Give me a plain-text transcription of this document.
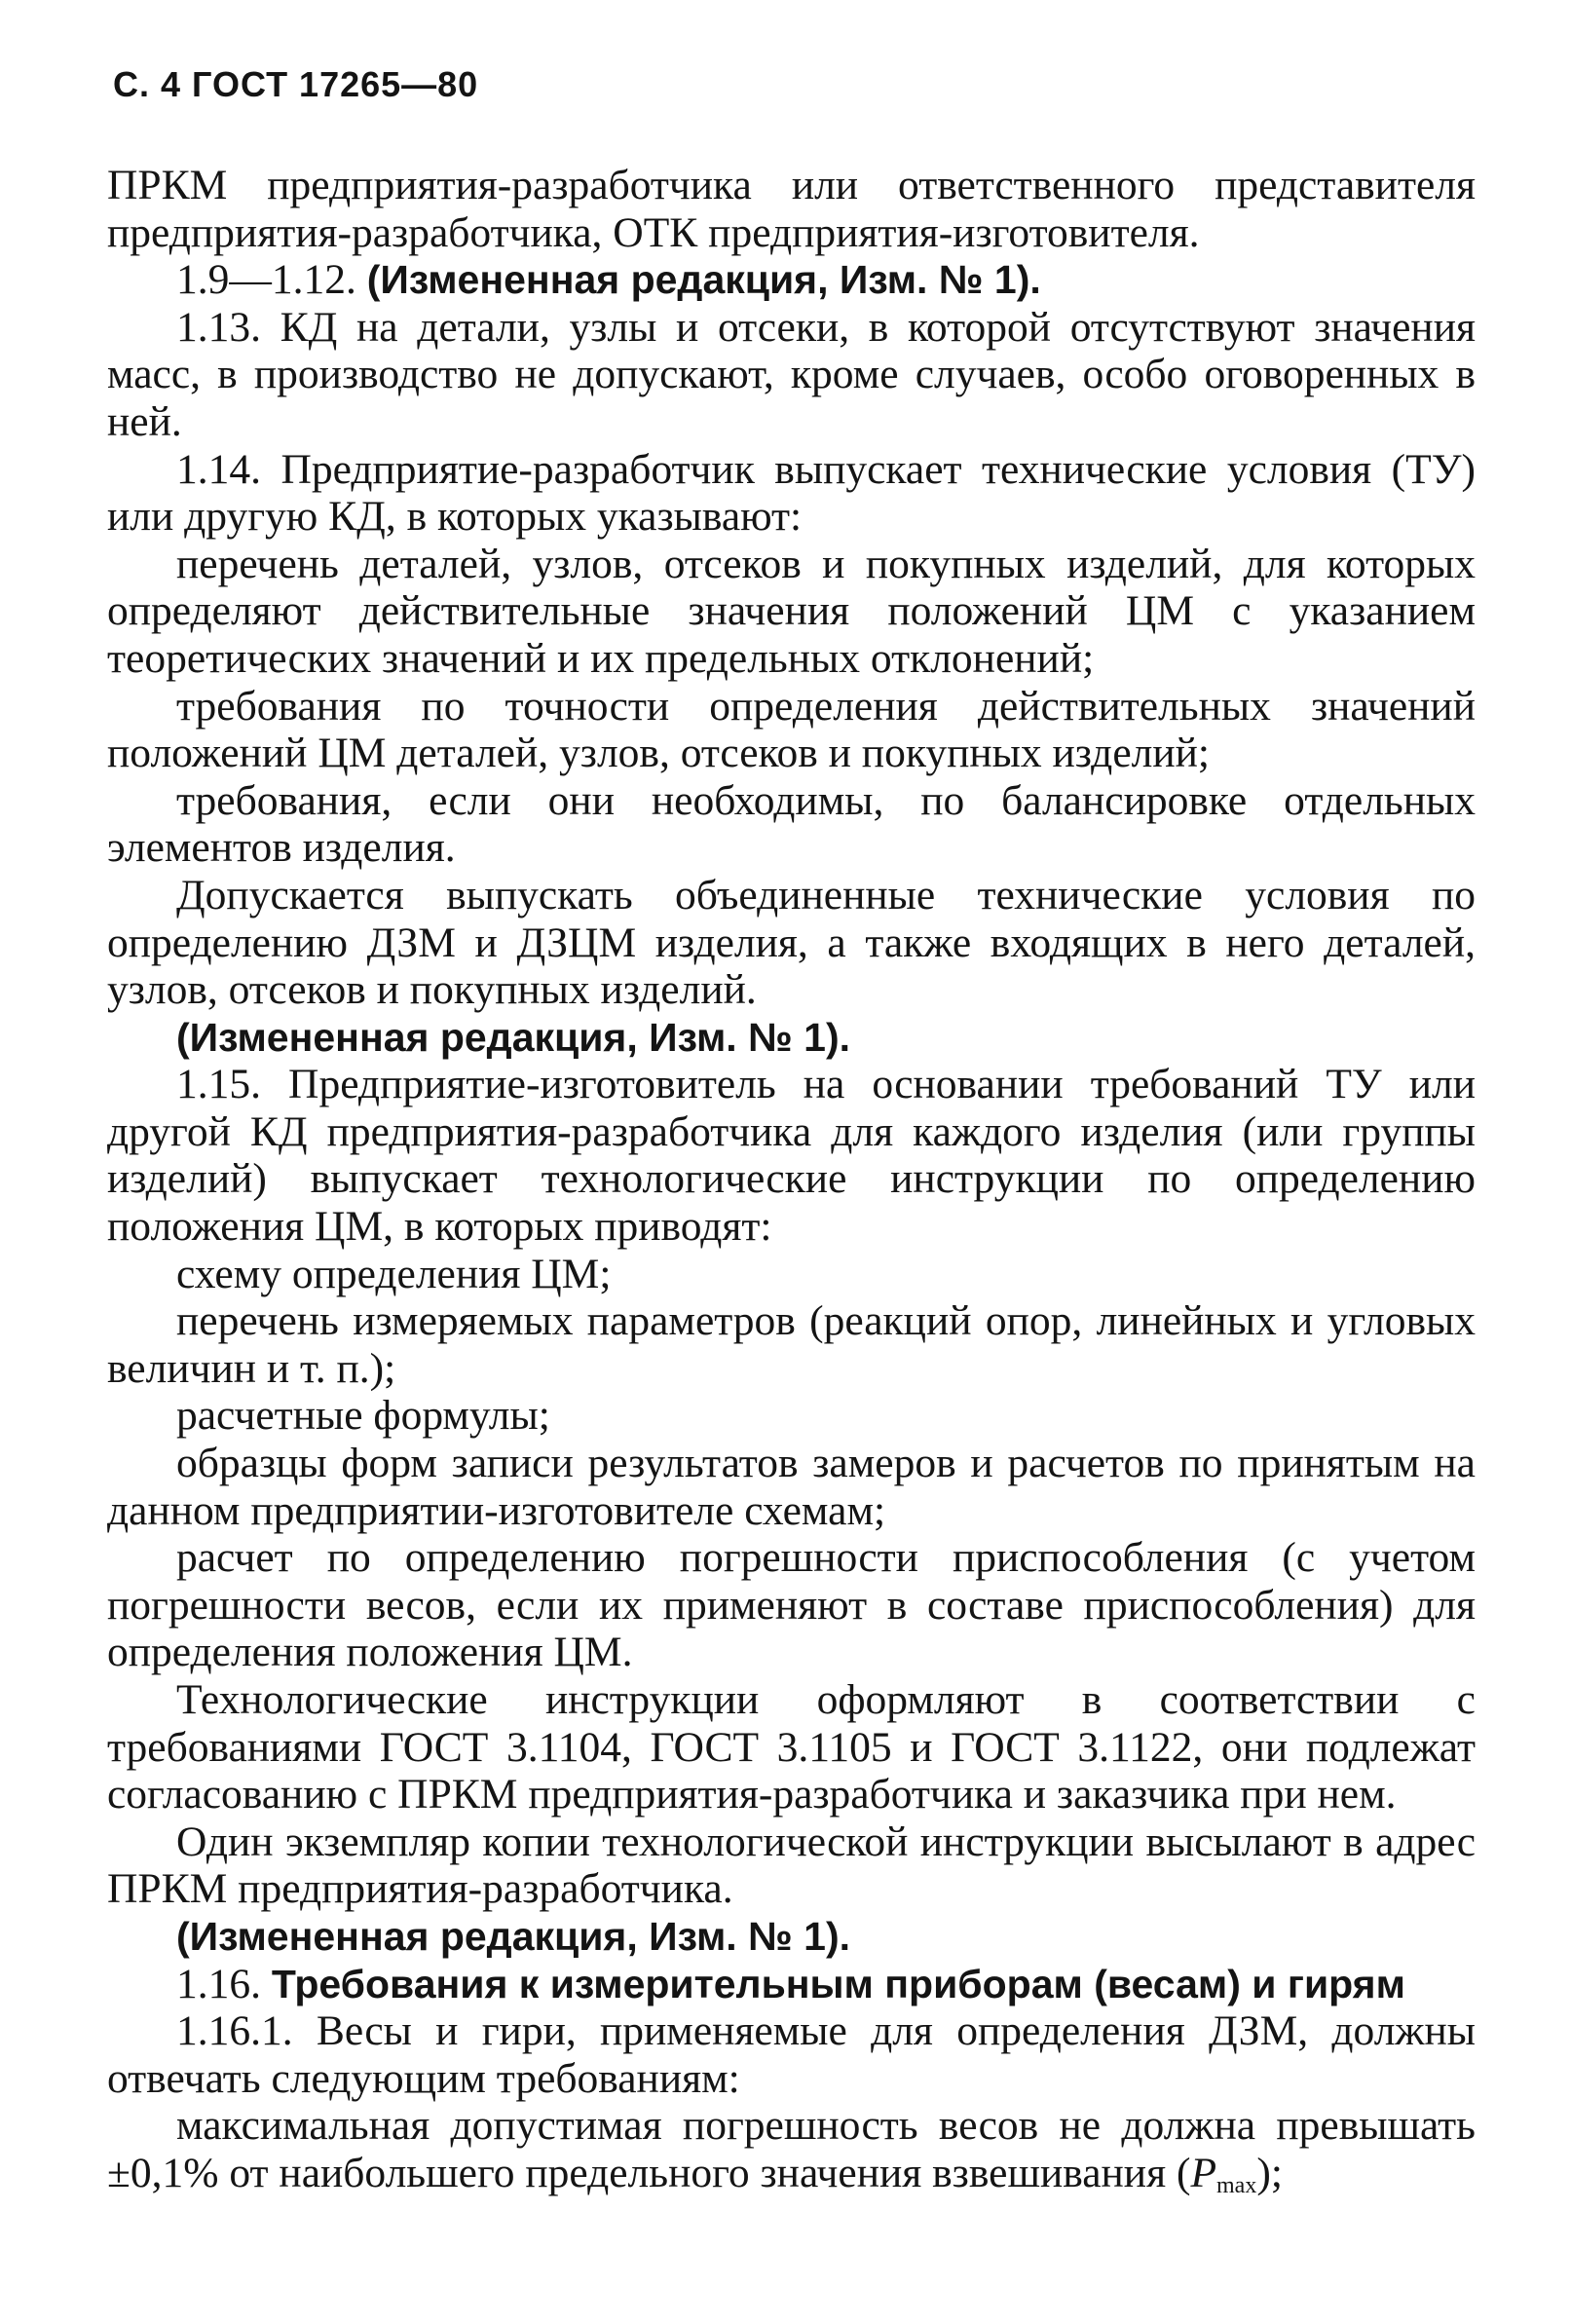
С. 4 ГОСТ 17265—80

ПРКМ предприятия-разработчика или ответственного представителя предприятия-разработчика, ОТК предприятия-изготовителя.

1.9—1.12. (Измененная редакция, Изм. № 1).

1.13. КД на детали, узлы и отсеки, в которой отсутствуют значения масс, в производство не допускают, кроме случаев, особо оговоренных в ней.

1.14. Предприятие-разработчик выпускает технические условия (ТУ) или другую КД, в которых указывают:

перечень деталей, узлов, отсеков и покупных изделий, для которых определяют действительные значения положений ЦМ с указанием теоретических значений и их предельных отклонений;

требования по точности определения действительных значений положений ЦМ деталей, узлов, отсеков и покупных изделий;

требования, если они необходимы, по балансировке отдельных элементов изделия.

Допускается выпускать объединенные технические условия по определению ДЗМ и ДЗЦМ изделия, а также входящих в него деталей, узлов, отсеков и покупных изделий.

(Измененная редакция, Изм. № 1).

1.15. Предприятие-изготовитель на основании требований ТУ или другой КД предприятия-разработчика для каждого изделия (или группы изделий) выпускает технологические инструкции по определению положения ЦМ, в которых приводят:

схему определения ЦМ;

перечень измеряемых параметров (реакций опор, линейных и угловых величин и т. п.);

расчетные формулы;

образцы форм записи результатов замеров и расчетов по принятым на данном предприятии-изготовителе схемам;

расчет по определению погрешности приспособления (с учетом погрешности весов, если их применяют в составе приспособления) для определения положения ЦМ.

Технологические инструкции оформляют в соответствии с требованиями ГОСТ 3.1104, ГОСТ 3.1105 и ГОСТ 3.1122, они подлежат согласованию с ПРКМ предприятия-разработчика и заказчика при нем.

Один экземпляр копии технологической инструкции высылают в адрес ПРКМ предприятия-разработчика.

(Измененная редакция, Изм. № 1).

1.16. Требования к измерительным приборам (весам) и гирям

1.16.1. Весы и гири, применяемые для определения ДЗМ, должны отвечать следующим требованиям:

максимальная допустимая погрешность весов не должна превышать ±0,1% от наибольшего предельного значения взвешивания $(P_{max})$;
